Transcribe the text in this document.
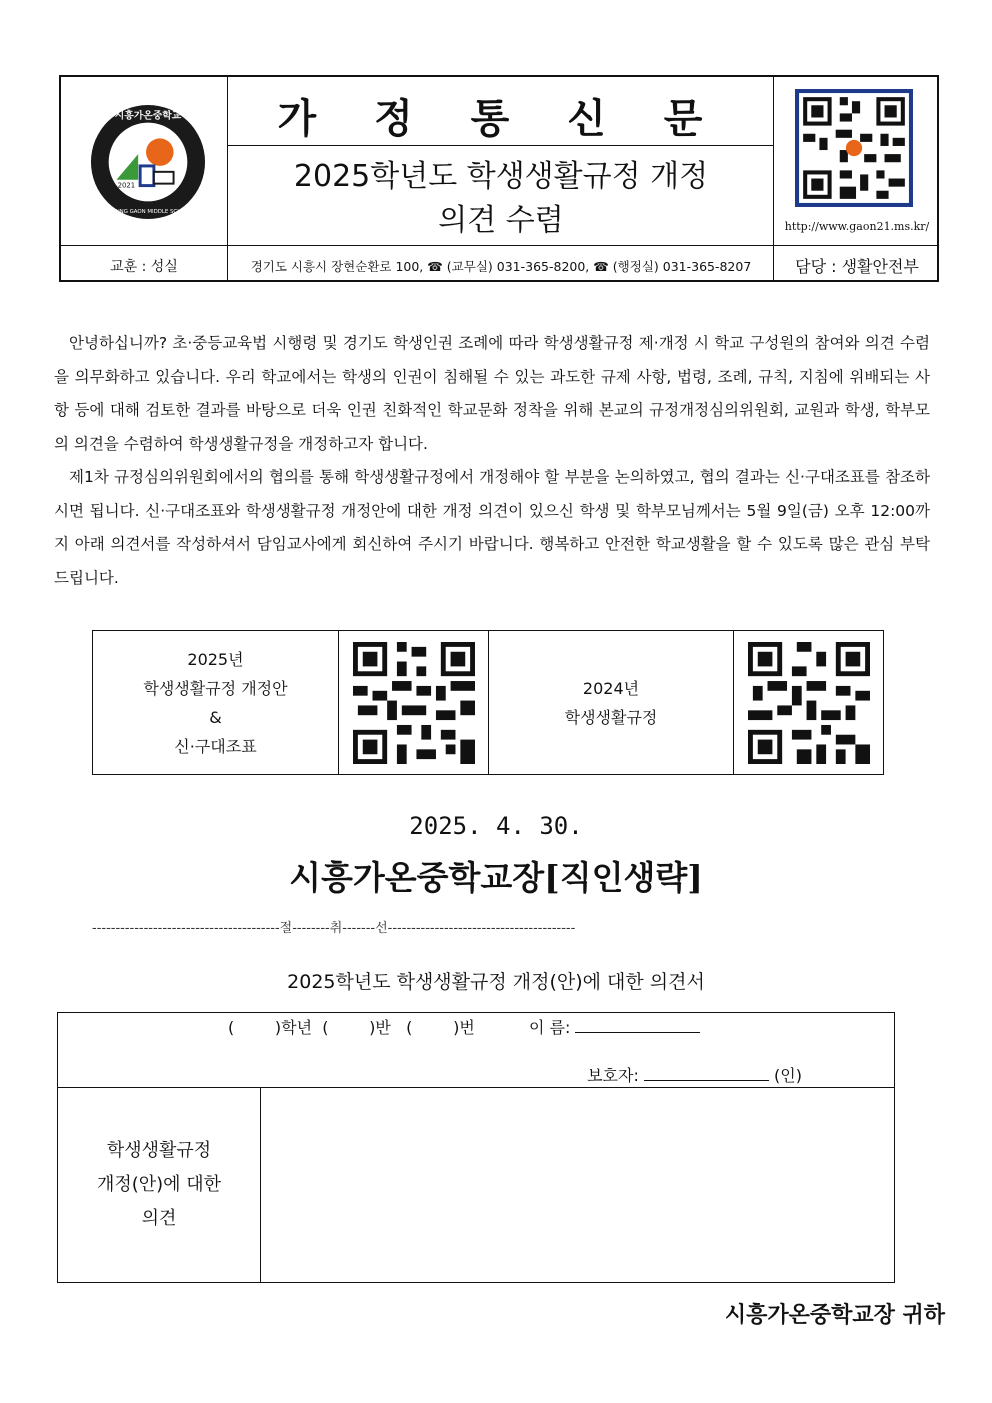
시흥가온중학교
SIHEUNG GAON MIDDLE SCHOOL
2021
가 정 통 신 문
2025학년도 학생생활규정 개정
의견 수렴	http://www.gaon21.ms.kr/
교훈 : 성실	경기도 시흥시 장현순환로 100, ☎ (교무실) 031-365-8200, ☎ (행정실) 031-365-8207	담당 : 생활안전부

안녕하십니까? 초·중등교육법 시행령 및 경기도 학생인권 조례에 따라 학생생활규정 제·개정 시 학교 구성원의 참여와 의견 수렴을 의무화하고 있습니다. 우리 학교에서는 학생의 인권이 침해될 수 있는 과도한 규제 사항, 법령, 조례, 규칙, 지침에 위배되는 사항 등에 대해 검토한 결과를 바탕으로 더욱 인권 친화적인 학교문화 정착을 위해 본교의 규정개정심의위원회, 교원과 학생, 학부모의 의견을 수렴하여 학생생활규정을 개정하고자 합니다.

제1차 규정심의위원회에서의 협의를 통해 학생생활규정에서 개정해야 할 부분을 논의하였고, 협의 결과는 신·구대조표를 참조하시면 됩니다. 신·구대조표와 학생생활규정 개정안에 대한 개정 의견이 있으신 학생 및 학부모님께서는 5월 9일(금) 오후 12:00까지 아래 의견서를 작성하셔서 담임교사에게 회신하여 주시기 바랍니다. 행복하고 안전한 학교생활을 할 수 있도록 많은 관심 부탁드립니다.

2025년
학생생활규정 개정안
&
신·구대조표
2024년
학생생활규정
2025. 4. 30.
시흥가온중학교장[직인생략]
----------------------------------------절--------취-------선----------------------------------------
2025학년도 학생생활규정 개정(안)에 대한 의견서
(        )학년  (        )반   (        )번	이 름:
보호자:	(인)
학생생활규정
개정(안)에 대한
의견
시흥가온중학교장 귀하
